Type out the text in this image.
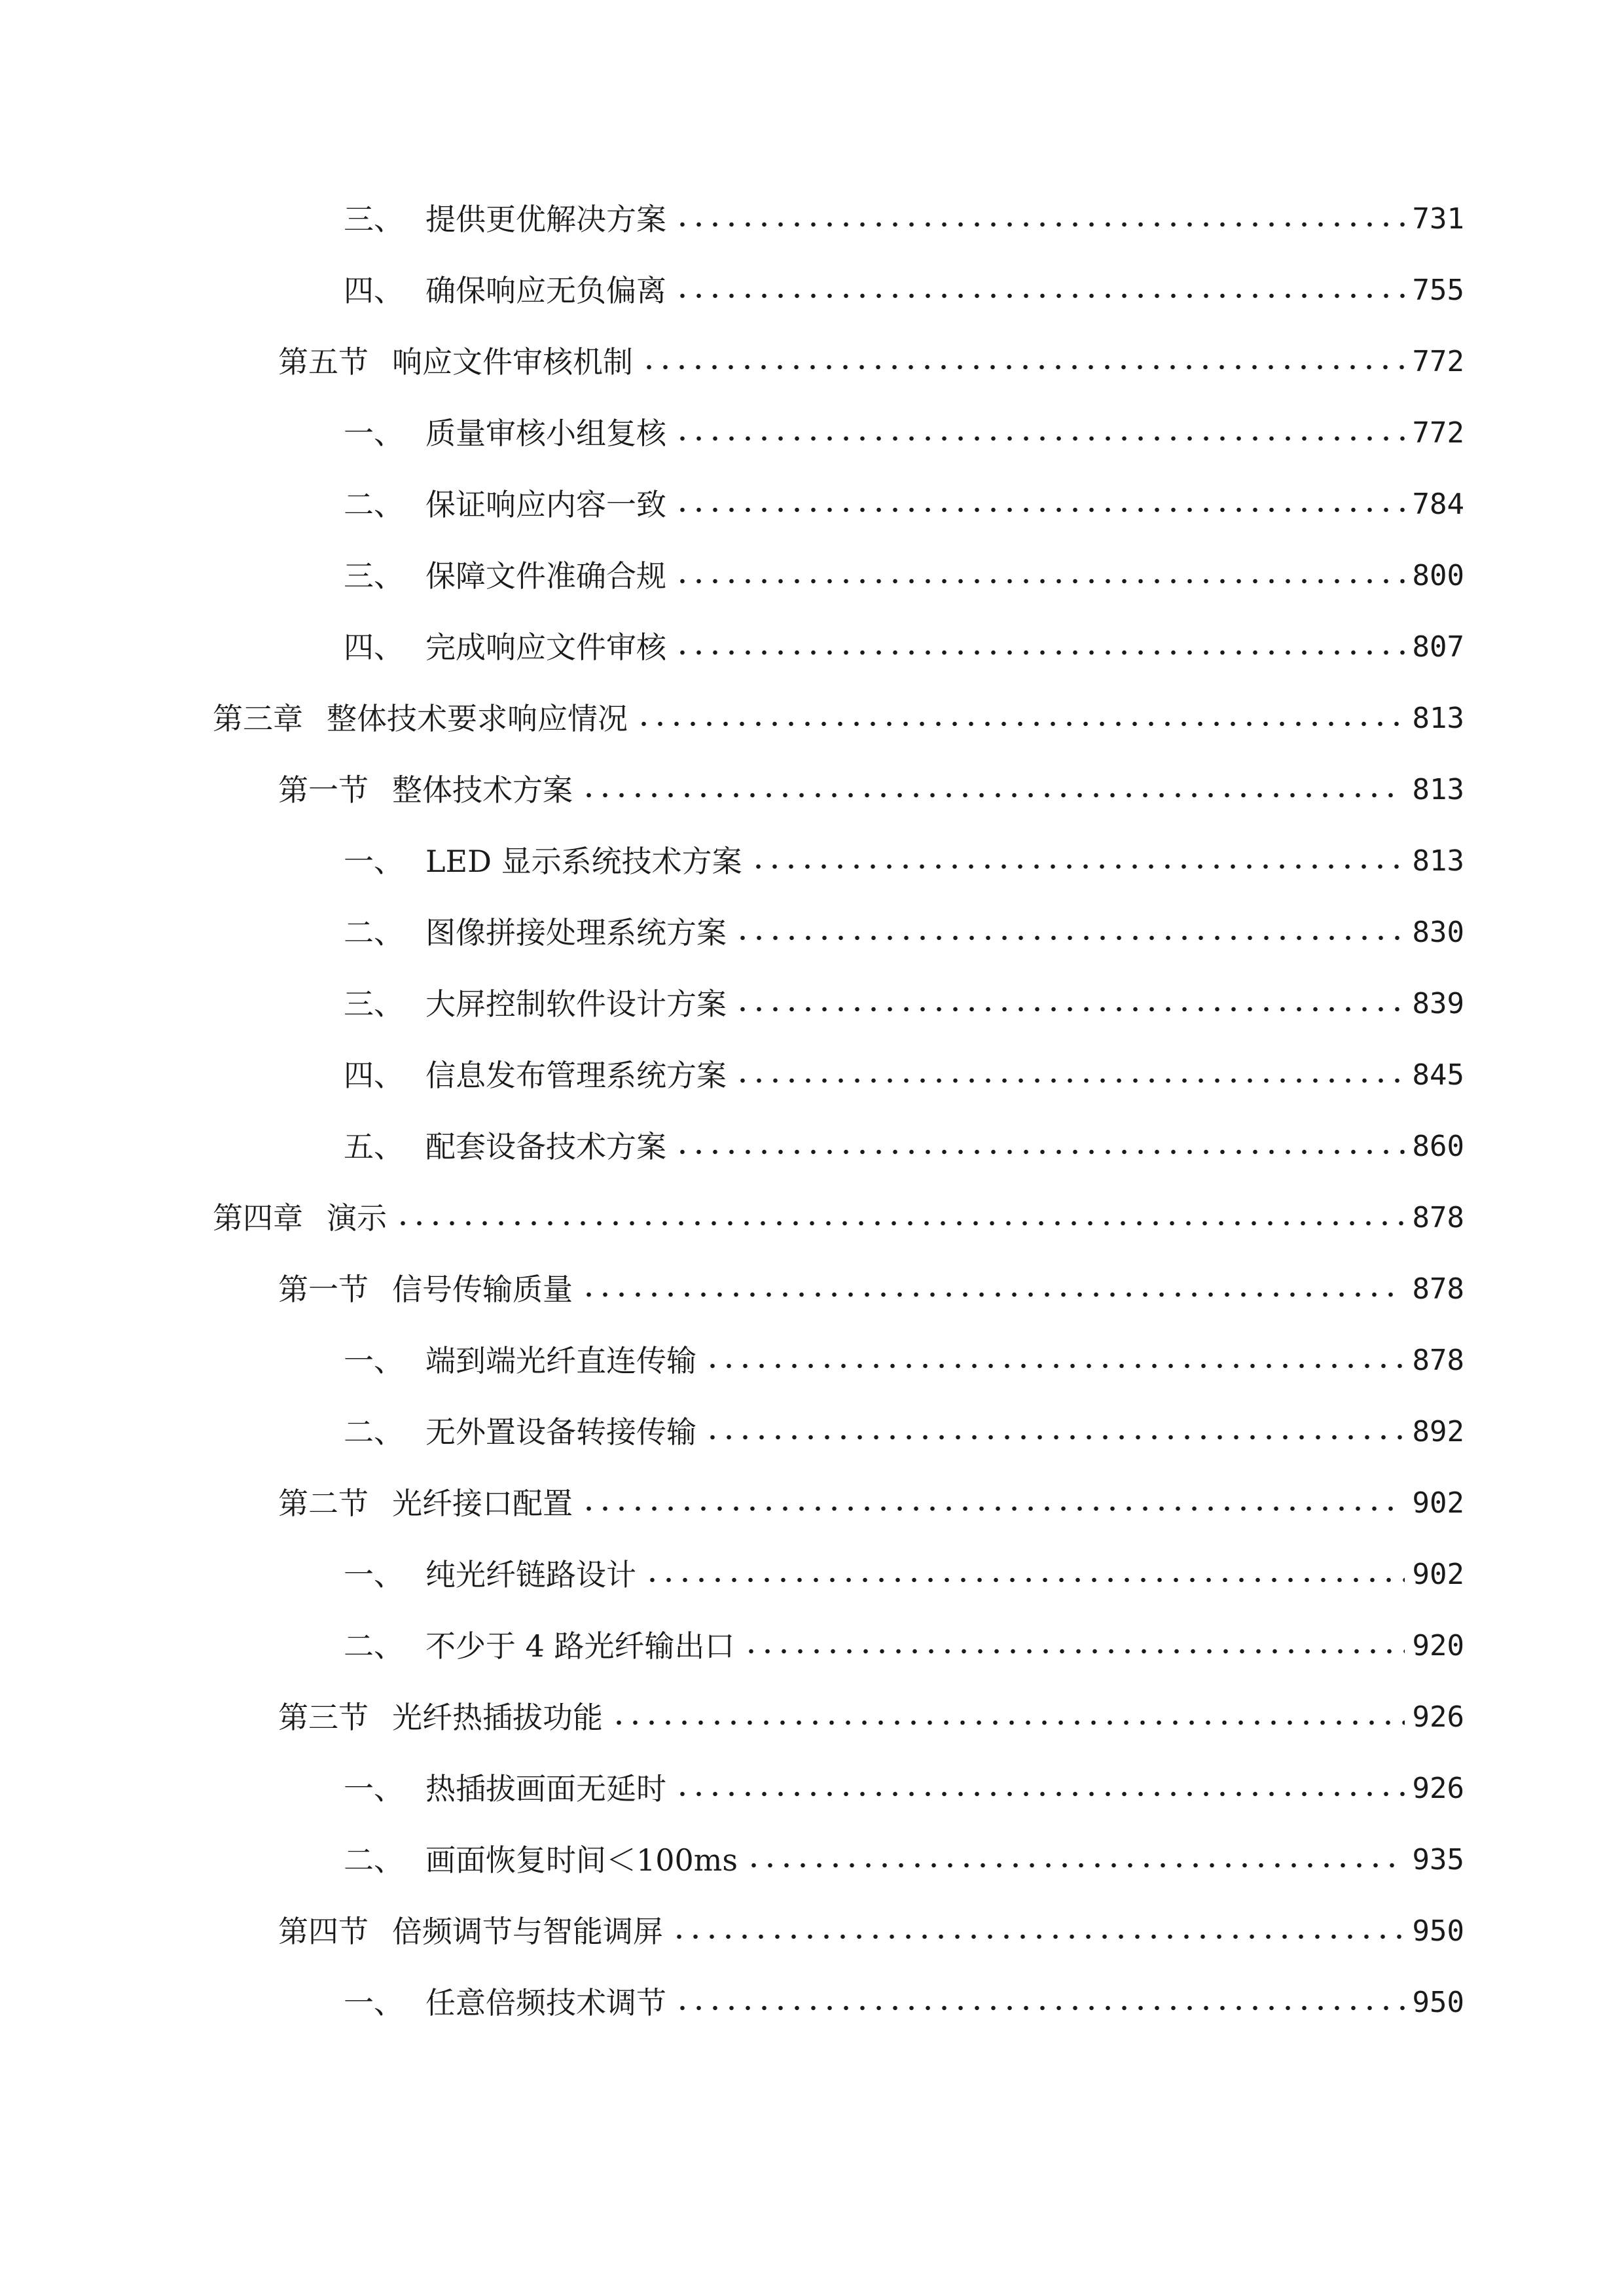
三、 提供更优解决方案	731
四、 确保响应无负偏离	755
第五节 响应文件审核机制	772
一、 质量审核小组复核	772
二、 保证响应内容一致	784
三、 保障文件准确合规	800
四、 完成响应文件审核	807
第三章 整体技术要求响应情况	813
第一节 整体技术方案	813
一、 LED 显示系统技术方案	813
二、 图像拼接处理系统方案	830
三、 大屏控制软件设计方案	839
四、 信息发布管理系统方案	845
五、 配套设备技术方案	860
第四章 演示	878
第一节 信号传输质量	878
一、 端到端光纤直连传输	878
二、 无外置设备转接传输	892
第二节 光纤接口配置	902
一、 纯光纤链路设计	902
二、 不少于 4 路光纤输出口	920
第三节 光纤热插拔功能	926
一、 热插拔画面无延时	926
二、 画面恢复时间＜100ms	935
第四节 倍频调节与智能调屏	950
一、 任意倍频技术调节	950
